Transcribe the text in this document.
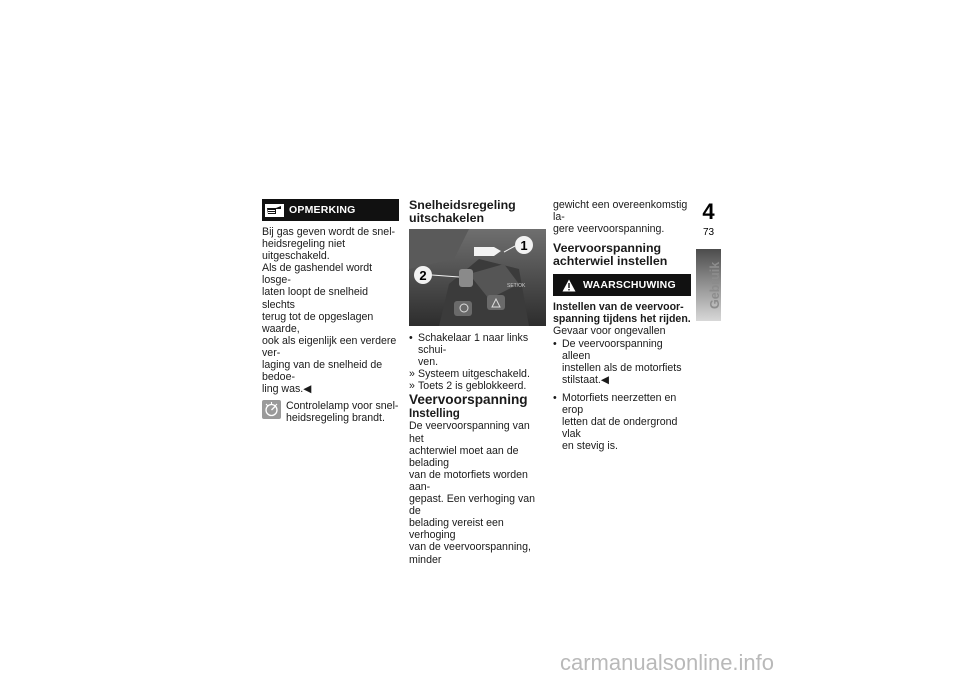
OPMERKING

Bij gas geven wordt de snel-

heidsregeling niet uitgeschakeld.

Als de gashendel wordt losge-

laten loopt de snelheid slechts

terug tot de opgeslagen waarde,

ook als eigenlijk een verdere ver-

laging van de snelheid de bedoe-

ling was.◀

Controlelamp voor snel-

heidsregeling brandt.

Snelheidsregeling

uitschakelen

1
2
SET/OK
• Schakelaar 1 naar links schui-

ven.

» Systeem uitgeschakeld.

» Toets 2 is geblokkeerd.

Veervoorspanning

Instelling

De veervoorspanning van het

achterwiel moet aan de belading

van de motorfiets worden aan-

gepast. Een verhoging van de

belading vereist een verhoging

van de veervoorspanning, minder

gewicht een overeenkomstig la-

gere veervoorspanning.

Veervoorspanning

achterwiel instellen

WAARSCHUWING

Instellen van de veervoor-

spanning tijdens het rijden.

Gevaar voor ongevallen

• De veervoorspanning alleen

instellen als de motorfiets

stilstaat.◀

• Motorfiets neerzetten en erop

letten dat de ondergrond vlak

en stevig is.

4
73
Gebruik
carmanualsonline.info
